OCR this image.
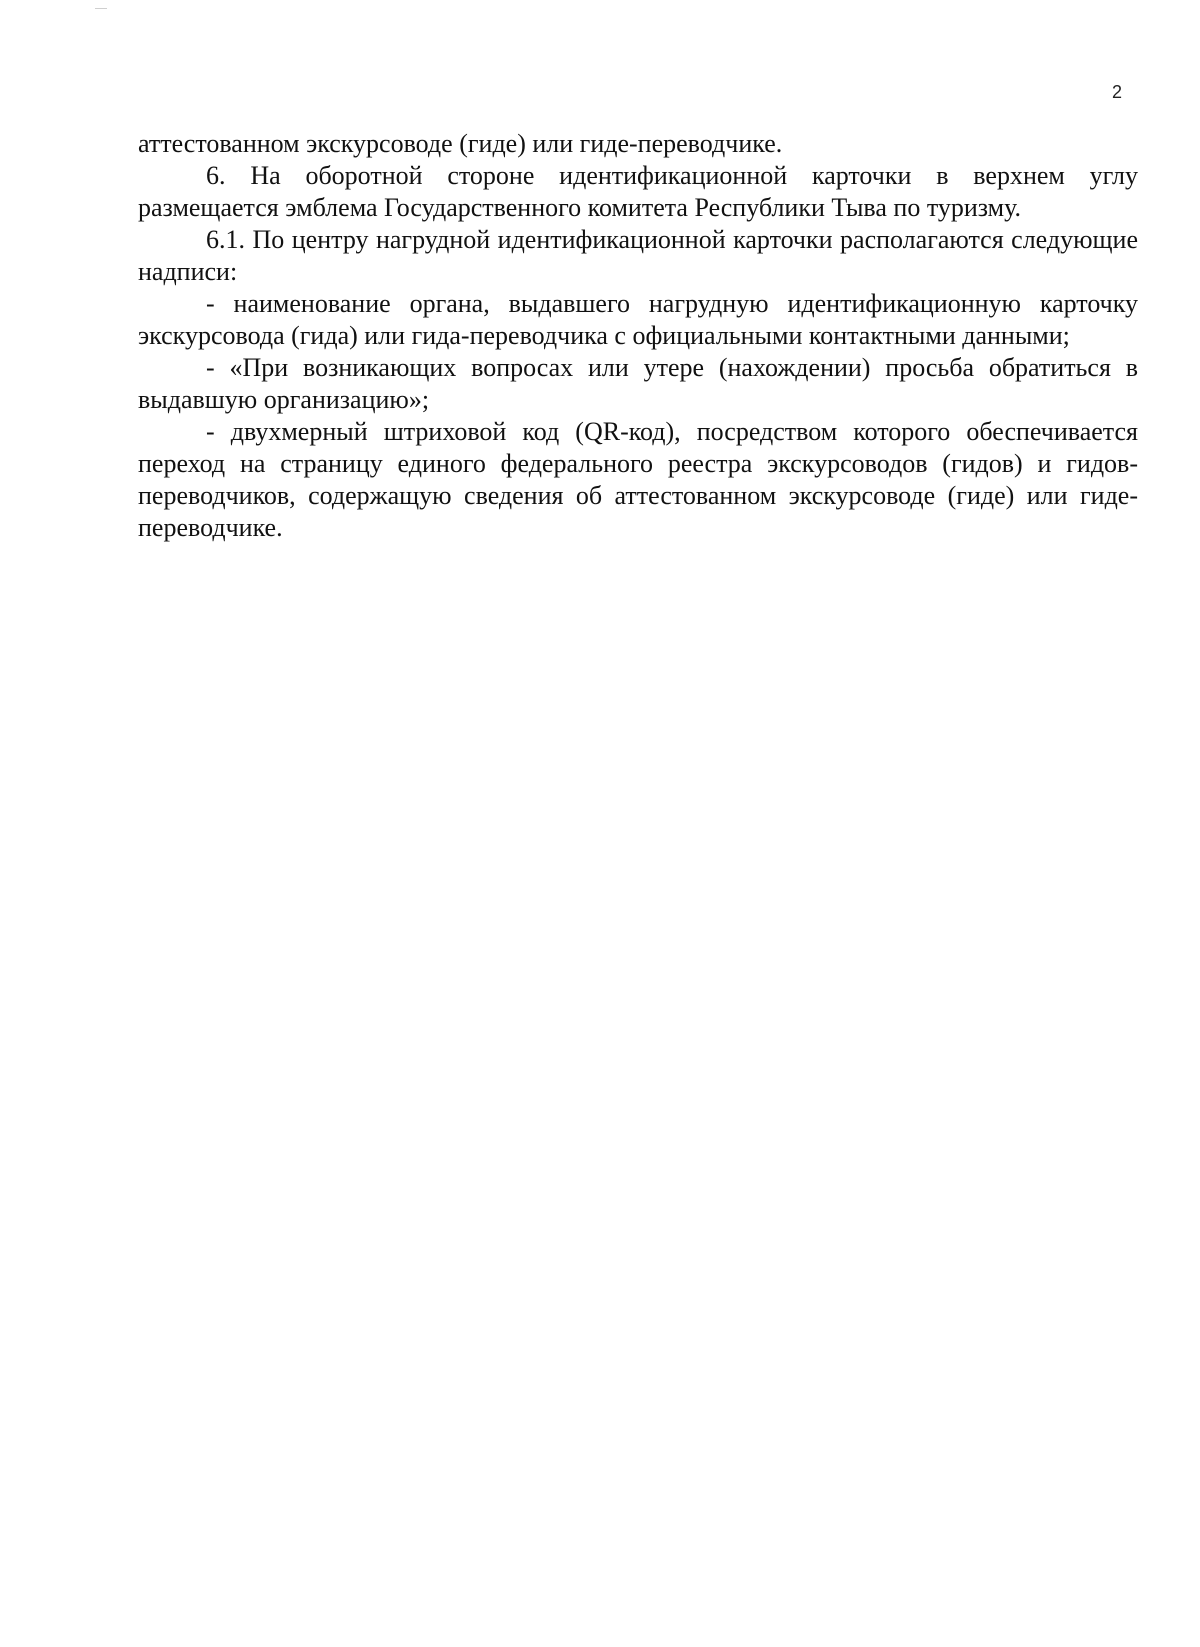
2

аттестованном экскурсоводе (гиде) или гиде-переводчике.

6. На оборотной стороне идентификационной карточки в верхнем углу размещается эмблема Государственного комитета Республики Тыва по туризму.

6.1. По центру нагрудной идентификационной карточки располагаются следующие надписи:

- наименование органа, выдавшего нагрудную идентификационную карточку экскурсовода (гида) или гида-переводчика с официальными контактными данными;

- «При возникающих вопросах или утере (нахождении) просьба обратиться в выдавшую организацию»;

- двухмерный штриховой код (QR-код), посредством которого обеспечивается переход на страницу единого федерального реестра экскурсоводов (гидов) и гидов-переводчиков, содержащую сведения об аттестованном экскурсоводе (гиде) или гиде-переводчике.
